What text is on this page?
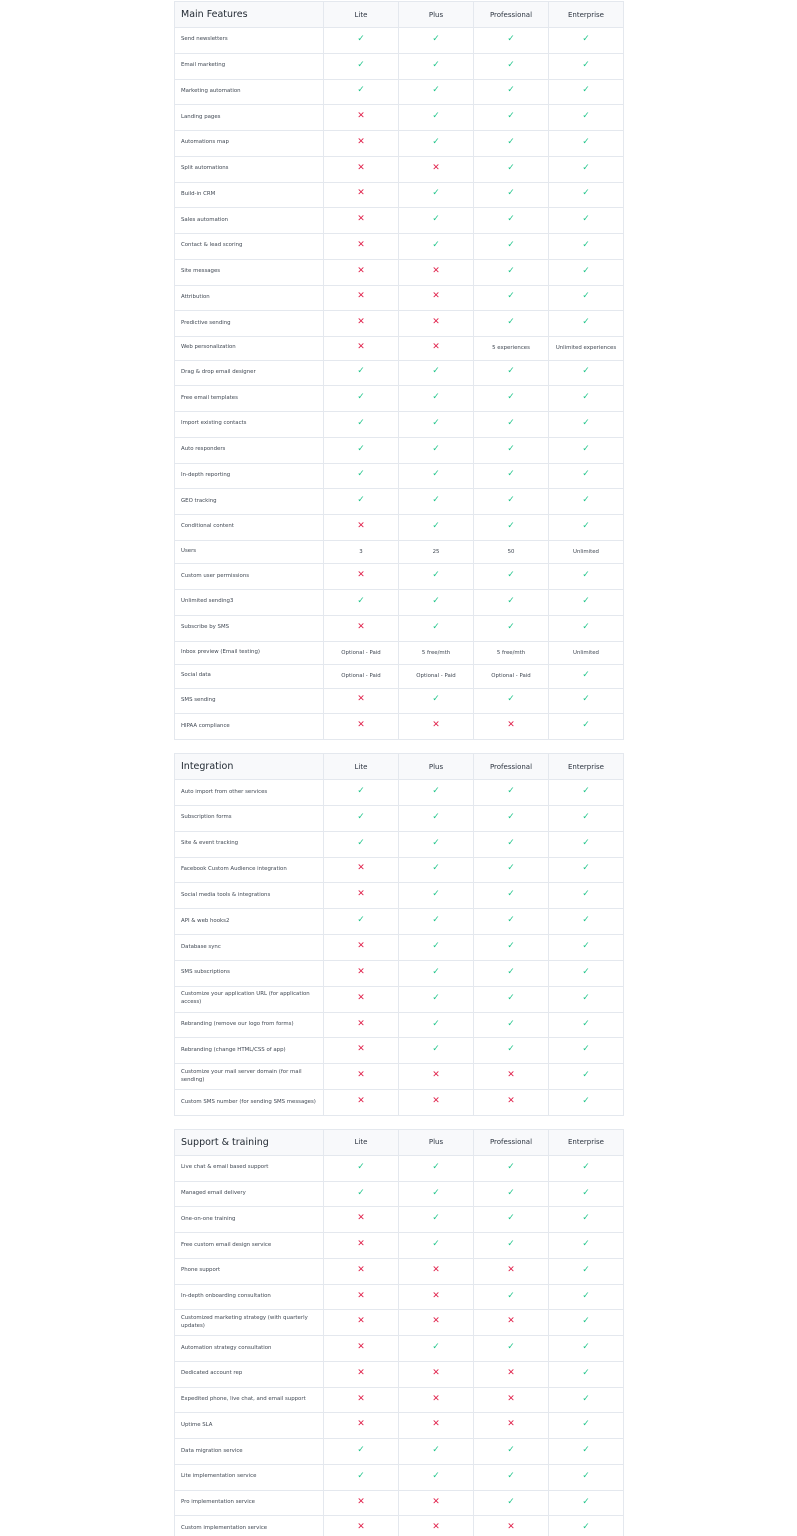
Main Features	Lite	Plus	Professional	Enterprise
Send newsletters	✓	✓	✓	✓
Email marketing	✓	✓	✓	✓
Marketing automation	✓	✓	✓	✓
Landing pages	✕	✓	✓	✓
Automations map	✕	✓	✓	✓
Split automations	✕	✕	✓	✓
Build-in CRM	✕	✓	✓	✓
Sales automation	✕	✓	✓	✓
Contact & lead scoring	✕	✓	✓	✓
Site messages	✕	✕	✓	✓
Attribution	✕	✕	✓	✓
Predictive sending	✕	✕	✓	✓
Web personalization	✕	✕	5 experiences	Unlimited experiences
Drag & drop email designer	✓	✓	✓	✓
Free email templates	✓	✓	✓	✓
Import existing contacts	✓	✓	✓	✓
Auto responders	✓	✓	✓	✓
In-depth reporting	✓	✓	✓	✓
GEO tracking	✓	✓	✓	✓
Conditional content	✕	✓	✓	✓
Users	3	25	50	Unlimited
Custom user permissions	✕	✓	✓	✓
Unlimited sending3	✓	✓	✓	✓
Subscribe by SMS	✕	✓	✓	✓
Inbox preview (Email testing)	Optional - Paid	5 free/mth	5 free/mth	Unlimited
Social data	Optional - Paid	Optional - Paid	Optional - Paid	✓
SMS sending	✕	✓	✓	✓
HIPAA compliance	✕	✕	✕	✓
Integration	Lite	Plus	Professional	Enterprise
Auto import from other services	✓	✓	✓	✓
Subscription forms	✓	✓	✓	✓
Site & event tracking	✓	✓	✓	✓
Facebook Custom Audience integration	✕	✓	✓	✓
Social media tools & integrations	✕	✓	✓	✓
API & web hooks2	✓	✓	✓	✓
Database sync	✕	✓	✓	✓
SMS subscriptions	✕	✓	✓	✓
Customize your application URL (for application access)	✕	✓	✓	✓
Rebranding (remove our logo from forms)	✕	✓	✓	✓
Rebranding (change HTML/CSS of app)	✕	✓	✓	✓
Customize your mail server domain (for mail sending)	✕	✕	✕	✓
Custom SMS number (for sending SMS messages)	✕	✕	✕	✓
Support & training	Lite	Plus	Professional	Enterprise
Live chat & email based support	✓	✓	✓	✓
Managed email delivery	✓	✓	✓	✓
One-on-one training	✕	✓	✓	✓
Free custom email design service	✕	✓	✓	✓
Phone support	✕	✕	✕	✓
In-depth onboarding consultation	✕	✕	✓	✓
Customized marketing strategy (with quarterly updates)	✕	✕	✕	✓
Automation strategy consultation	✕	✓	✓	✓
Dedicated account rep	✕	✕	✕	✓
Expedited phone, live chat, and email support	✕	✕	✕	✓
Uptime SLA	✕	✕	✕	✓
Data migration service	✓	✓	✓	✓
Lite implementation service	✓	✓	✓	✓
Pro implementation service	✕	✕	✓	✓
Custom implementation service	✕	✕	✕	✓
